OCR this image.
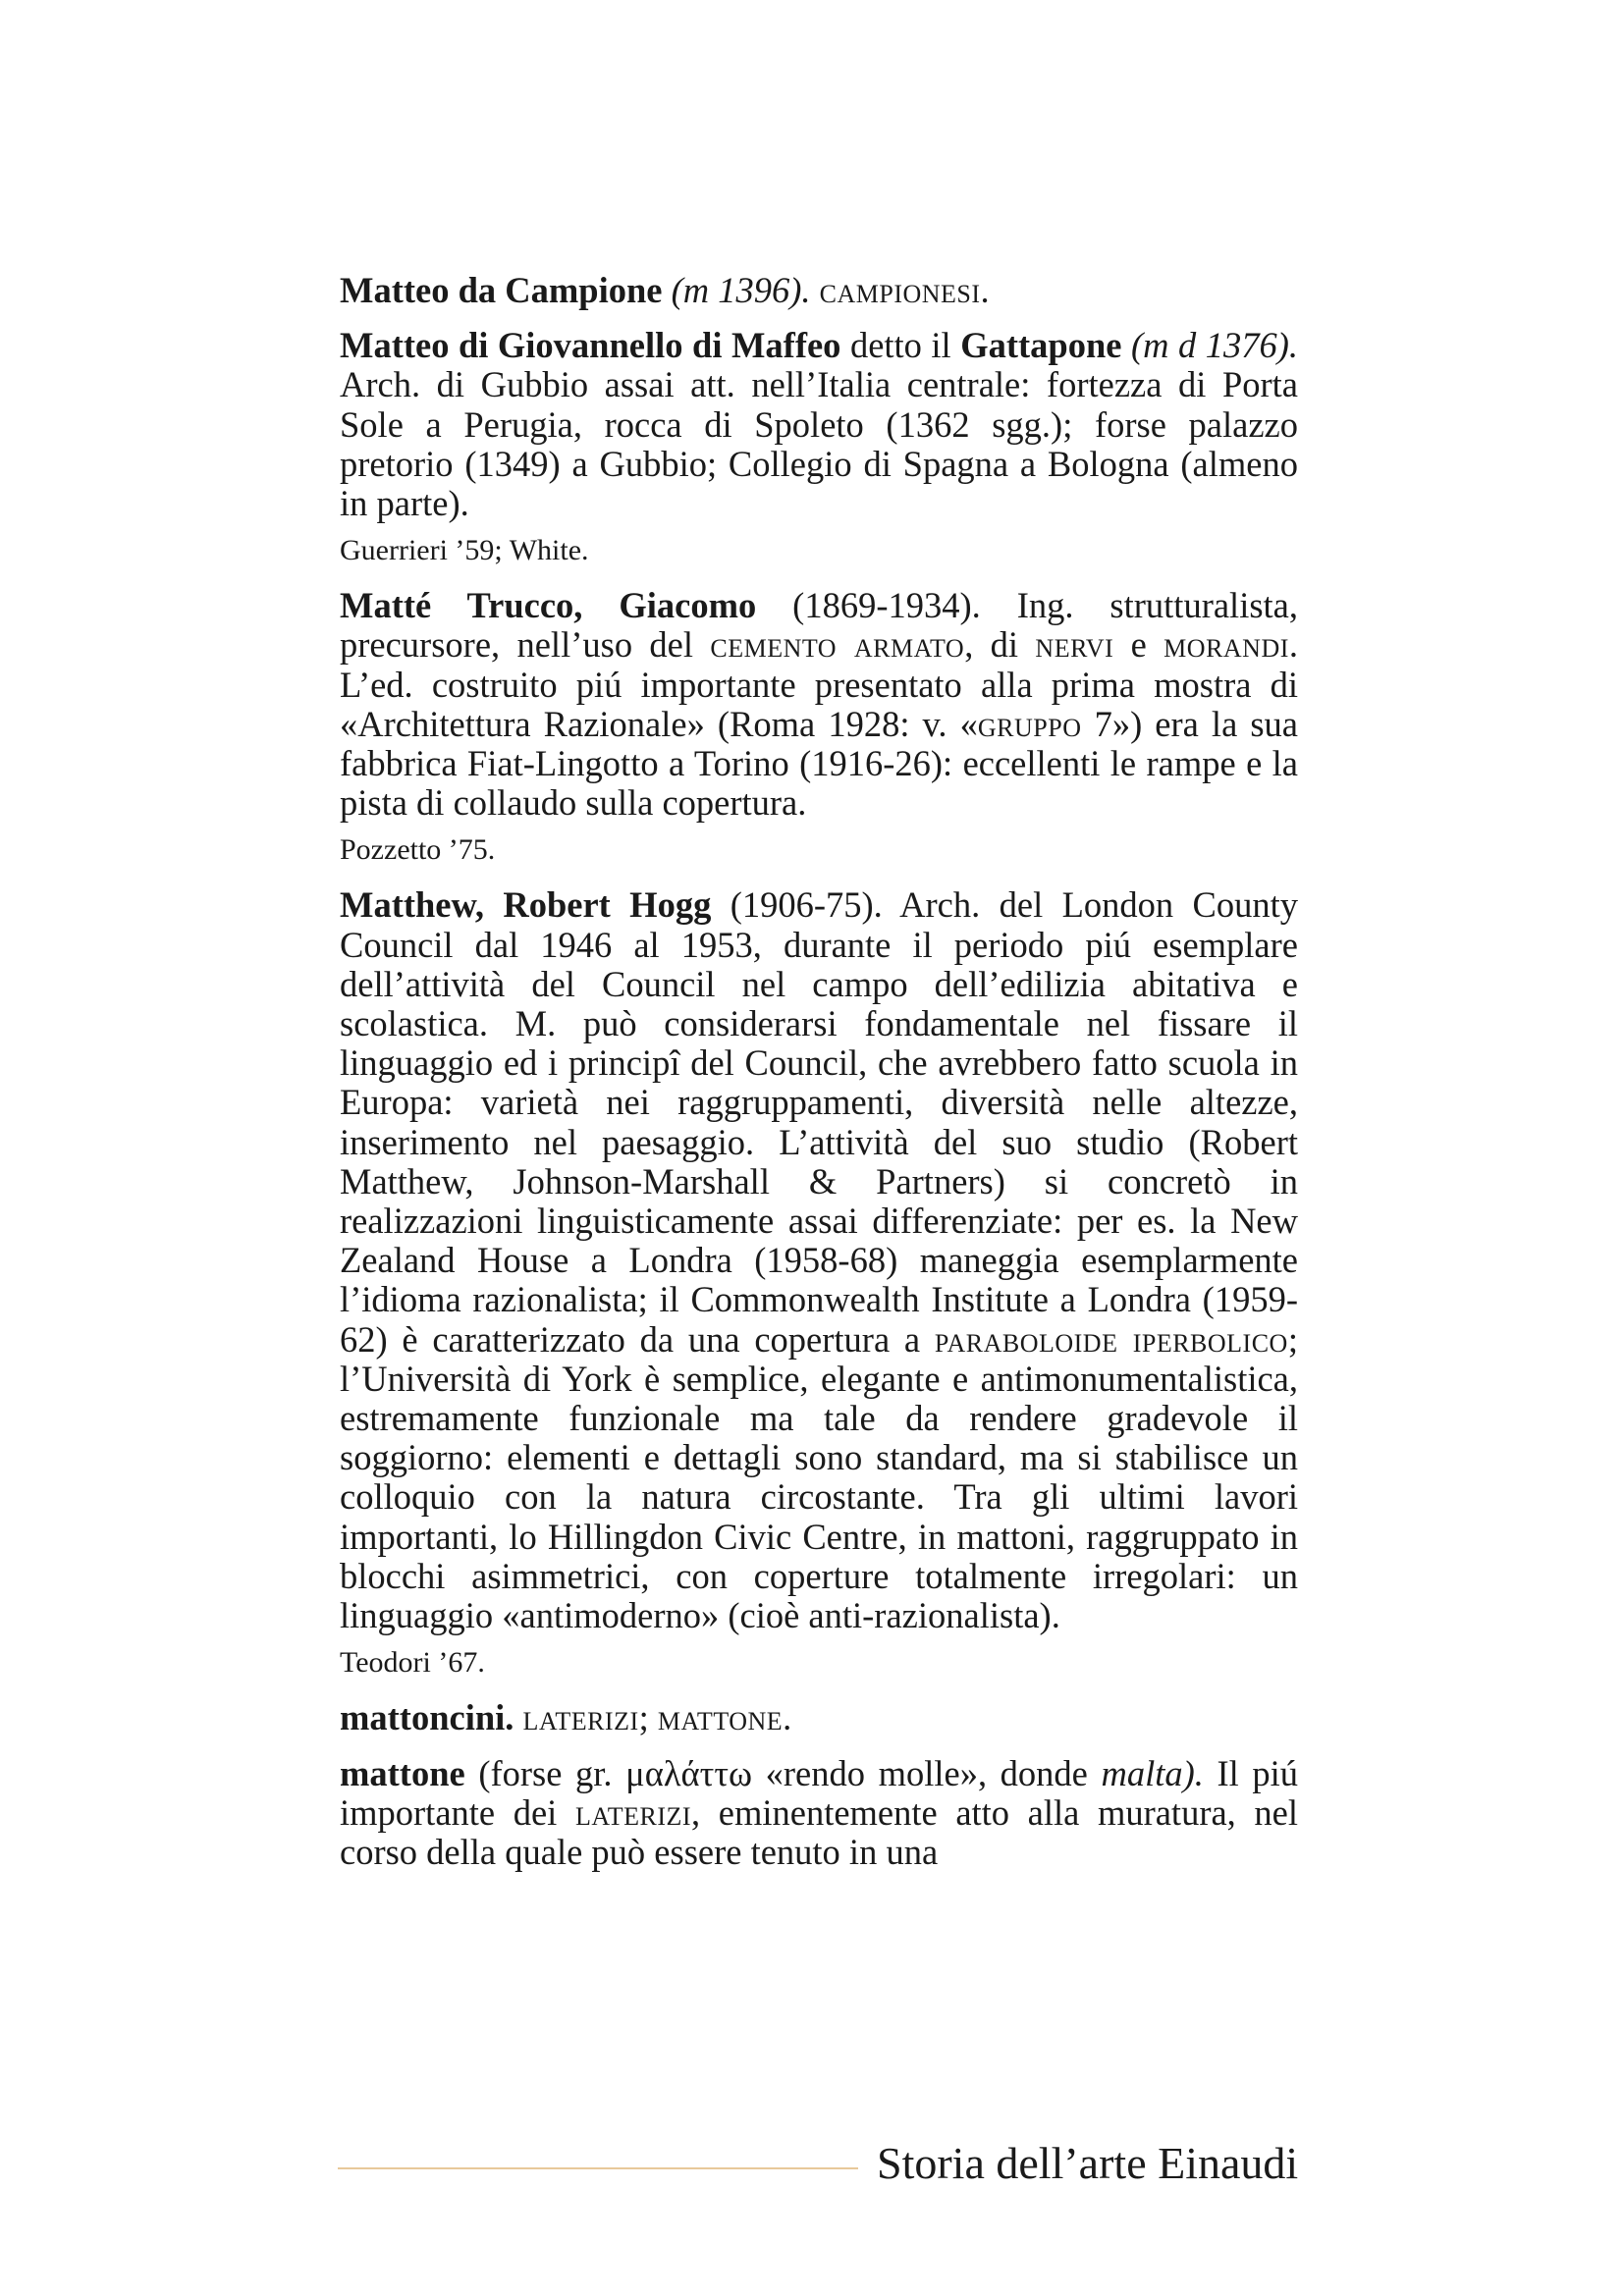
Matteo da Campione (m 1396). campionesi.

Matteo di Giovannello di Maffeo detto il Gattapone (m d 1376). Arch. di Gubbio assai att. nell’Italia centrale: fortezza di Porta Sole a Perugia, rocca di Spoleto (1362 sgg.); forse palazzo pretorio (1349) a Gubbio; Collegio di Spagna a Bologna (almeno in parte).

Guerrieri ’59; White.

Matté Trucco, Giacomo (1869-1934). Ing. strutturalista, precursore, nell’uso del cemento armato, di nervi e morandi. L’ed. costruito piú importante presentato alla prima mostra di «Architettura Razionale» (Roma 1928: v. «gruppo 7») era la sua fabbrica Fiat-Lingotto a Torino (1916-26): eccellenti le rampe e la pista di collaudo sulla copertura.

Pozzetto ’75.

Matthew, Robert Hogg (1906-75). Arch. del London County Council dal 1946 al 1953, durante il periodo piú esemplare dell’attività del Council nel campo dell’edilizia abitativa e scolastica. M. può considerarsi fondamentale nel fissare il linguaggio ed i principî del Council, che avrebbero fatto scuola in Europa: varietà nei raggruppamenti, diversità nelle altezze, inserimento nel paesaggio. L’attività del suo studio (Robert Matthew, Johnson-Marshall & Partners) si concretò in realizzazioni linguisticamente assai differenziate: per es. la New Zealand House a Londra (1958-68) maneggia esemplarmente l’idioma razionalista; il Commonwealth Institute a Londra (1959-62) è caratterizzato da una copertura a paraboloide iperbolico; l’Università di York è semplice, elegante e antimonumentalistica, estremamente funzionale ma tale da rendere gradevole il soggiorno: elementi e dettagli sono standard, ma si stabilisce un colloquio con la natura circostante. Tra gli ultimi lavori importanti, lo Hillingdon Civic Centre, in mattoni, raggruppato in blocchi asimmetrici, con coperture totalmente irregolari: un linguaggio «antimoderno» (cioè anti-razionalista).

Teodori ’67.

mattoncini. laterizi; mattone.

mattone (forse gr. μαλάττω «rendo molle», donde malta). Il piú importante dei laterizi, eminentemente atto alla muratura, nel corso della quale può essere tenuto in una

Storia dell’arte Einaudi
